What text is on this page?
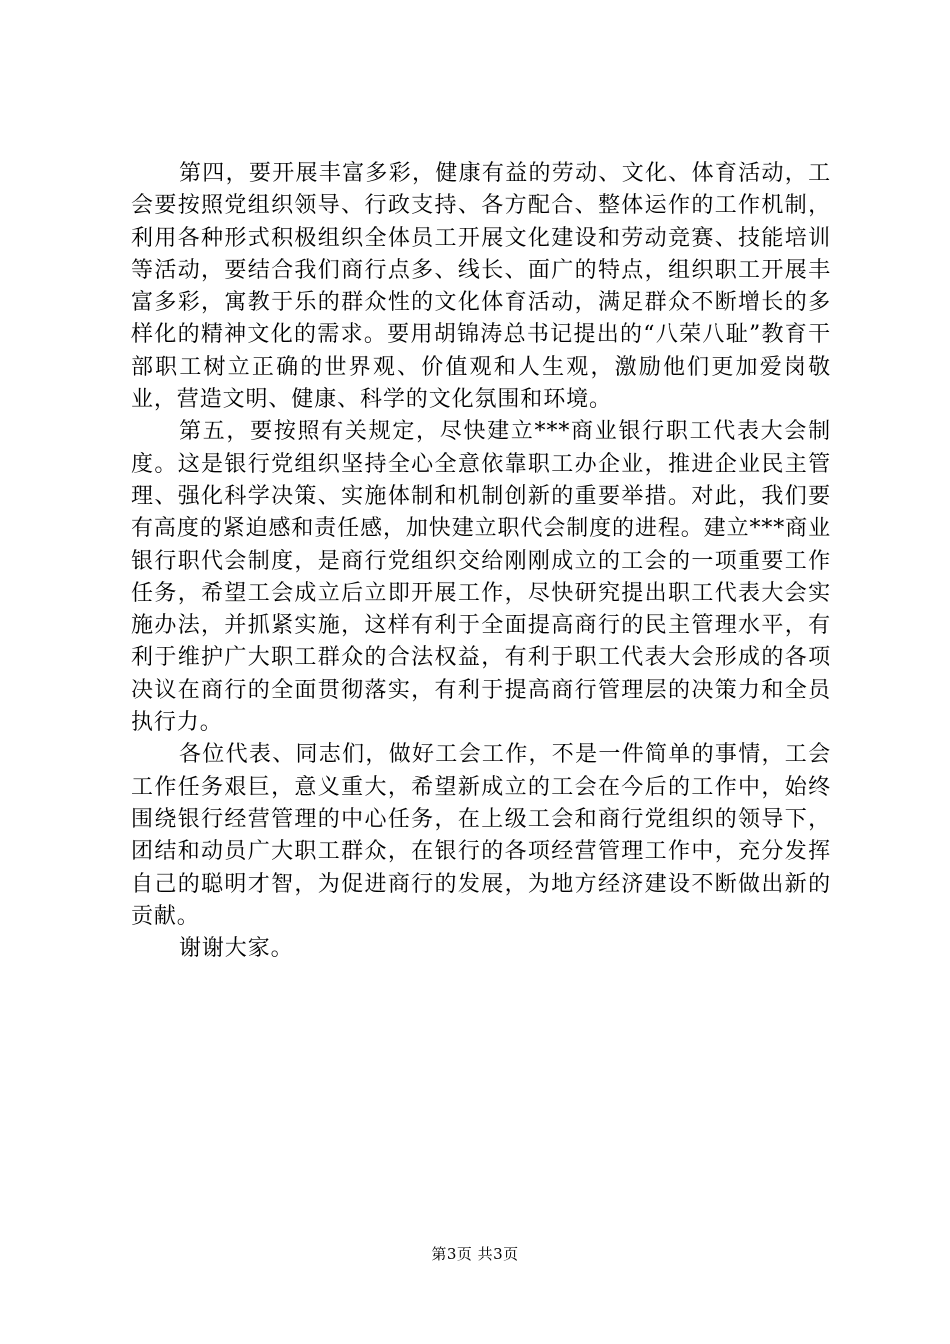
第四，要开展丰富多彩，健康有益的劳动、文化、体育活动，工会要按照党组织领导、行政支持、各方配合、整体运作的工作机制，利用各种形式积极组织全体员工开展文化建设和劳动竞赛、技能培训等活动，要结合我们商行点多、线长、面广的特点，组织职工开展丰富多彩，寓教于乐的群众性的文化体育活动，满足群众不断增长的多样化的精神文化的需求。要用胡锦涛总书记提出的“八荣八耻”教育干部职工树立正确的世界观、价值观和人生观，激励他们更加爱岗敬业，营造文明、健康、科学的文化氛围和环境。

第五，要按照有关规定，尽快建立***商业银行职工代表大会制度。这是银行党组织坚持全心全意依靠职工办企业，推进企业民主管理、强化科学决策、实施体制和机制创新的重要举措。对此，我们要有高度的紧迫感和责任感，加快建立职代会制度的进程。建立***商业银行职代会制度，是商行党组织交给刚刚成立的工会的一项重要工作任务，希望工会成立后立即开展工作，尽快研究提出职工代表大会实施办法，并抓紧实施，这样有利于全面提高商行的民主管理水平，有利于维护广大职工群众的合法权益，有利于职工代表大会形成的各项决议在商行的全面贯彻落实，有利于提高商行管理层的决策力和全员执行力。

各位代表、同志们，做好工会工作，不是一件简单的事情，工会工作任务艰巨，意义重大，希望新成立的工会在今后的工作中，始终围绕银行经营管理的中心任务，在上级工会和商行党组织的领导下，团结和动员广大职工群众，在银行的各项经营管理工作中，充分发挥自己的聪明才智，为促进商行的发展，为地方经济建设不断做出新的贡献。

谢谢大家。

第3页 共3页
